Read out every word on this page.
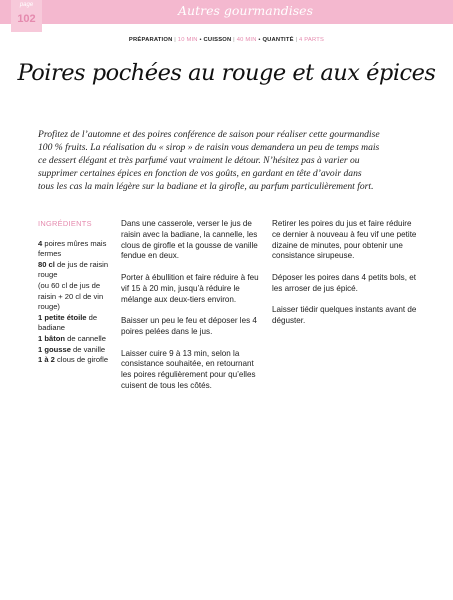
page
102
Autres gourmandises
PRÉPARATION | 10 MIN • CUISSON | 40 MIN • QUANTITÉ | 4 PARTS
Poires pochées au rouge et aux épices

Profitez de l’automne et des poires conférence de saison pour réaliser cette gourmandise

100 % fruits. La réalisation du « sirop » de raisin vous demandera un peu de temps mais

ce dessert élégant et très parfumé vaut vraiment le détour. N’hésitez pas à varier ou

supprimer certaines épices en fonction de vos goûts, en gardant en tête d’avoir dans

tous les cas la main légère sur la badiane et la girofle, au parfum particulièrement fort.

INGRÉDIENTS
4 poires mûres mais fermes
80 cl de jus de raisin rouge
(ou 60 cl de jus de raisin + 20 cl de vin rouge)
1 petite étoile de badiane
1 bâton de cannelle
1 gousse de vanille
1 à 2 clous de girofle

Dans une casserole, verser le jus de raisin avec la badiane, la cannelle, les clous de girofle et la gousse de vanille fendue en deux.

Porter à ébullition et faire réduire à feu vif 15 à 20 min, jusqu’à réduire le mélange aux deux-tiers environ.

Baisser un peu le feu et déposer les 4 poires pelées dans le jus.

Laisser cuire 9 à 13 min, selon la consistance souhaitée, en retournant les poires régulièrement pour qu’elles cuisent de tous les côtés.

Retirer les poires du jus et faire réduire ce dernier à nouveau à feu vif une petite dizaine de minutes, pour obtenir une consistance sirupeuse.

Déposer les poires dans 4 petits bols, et les arroser de jus épicé.

Laisser tiédir quelques instants avant de déguster.
